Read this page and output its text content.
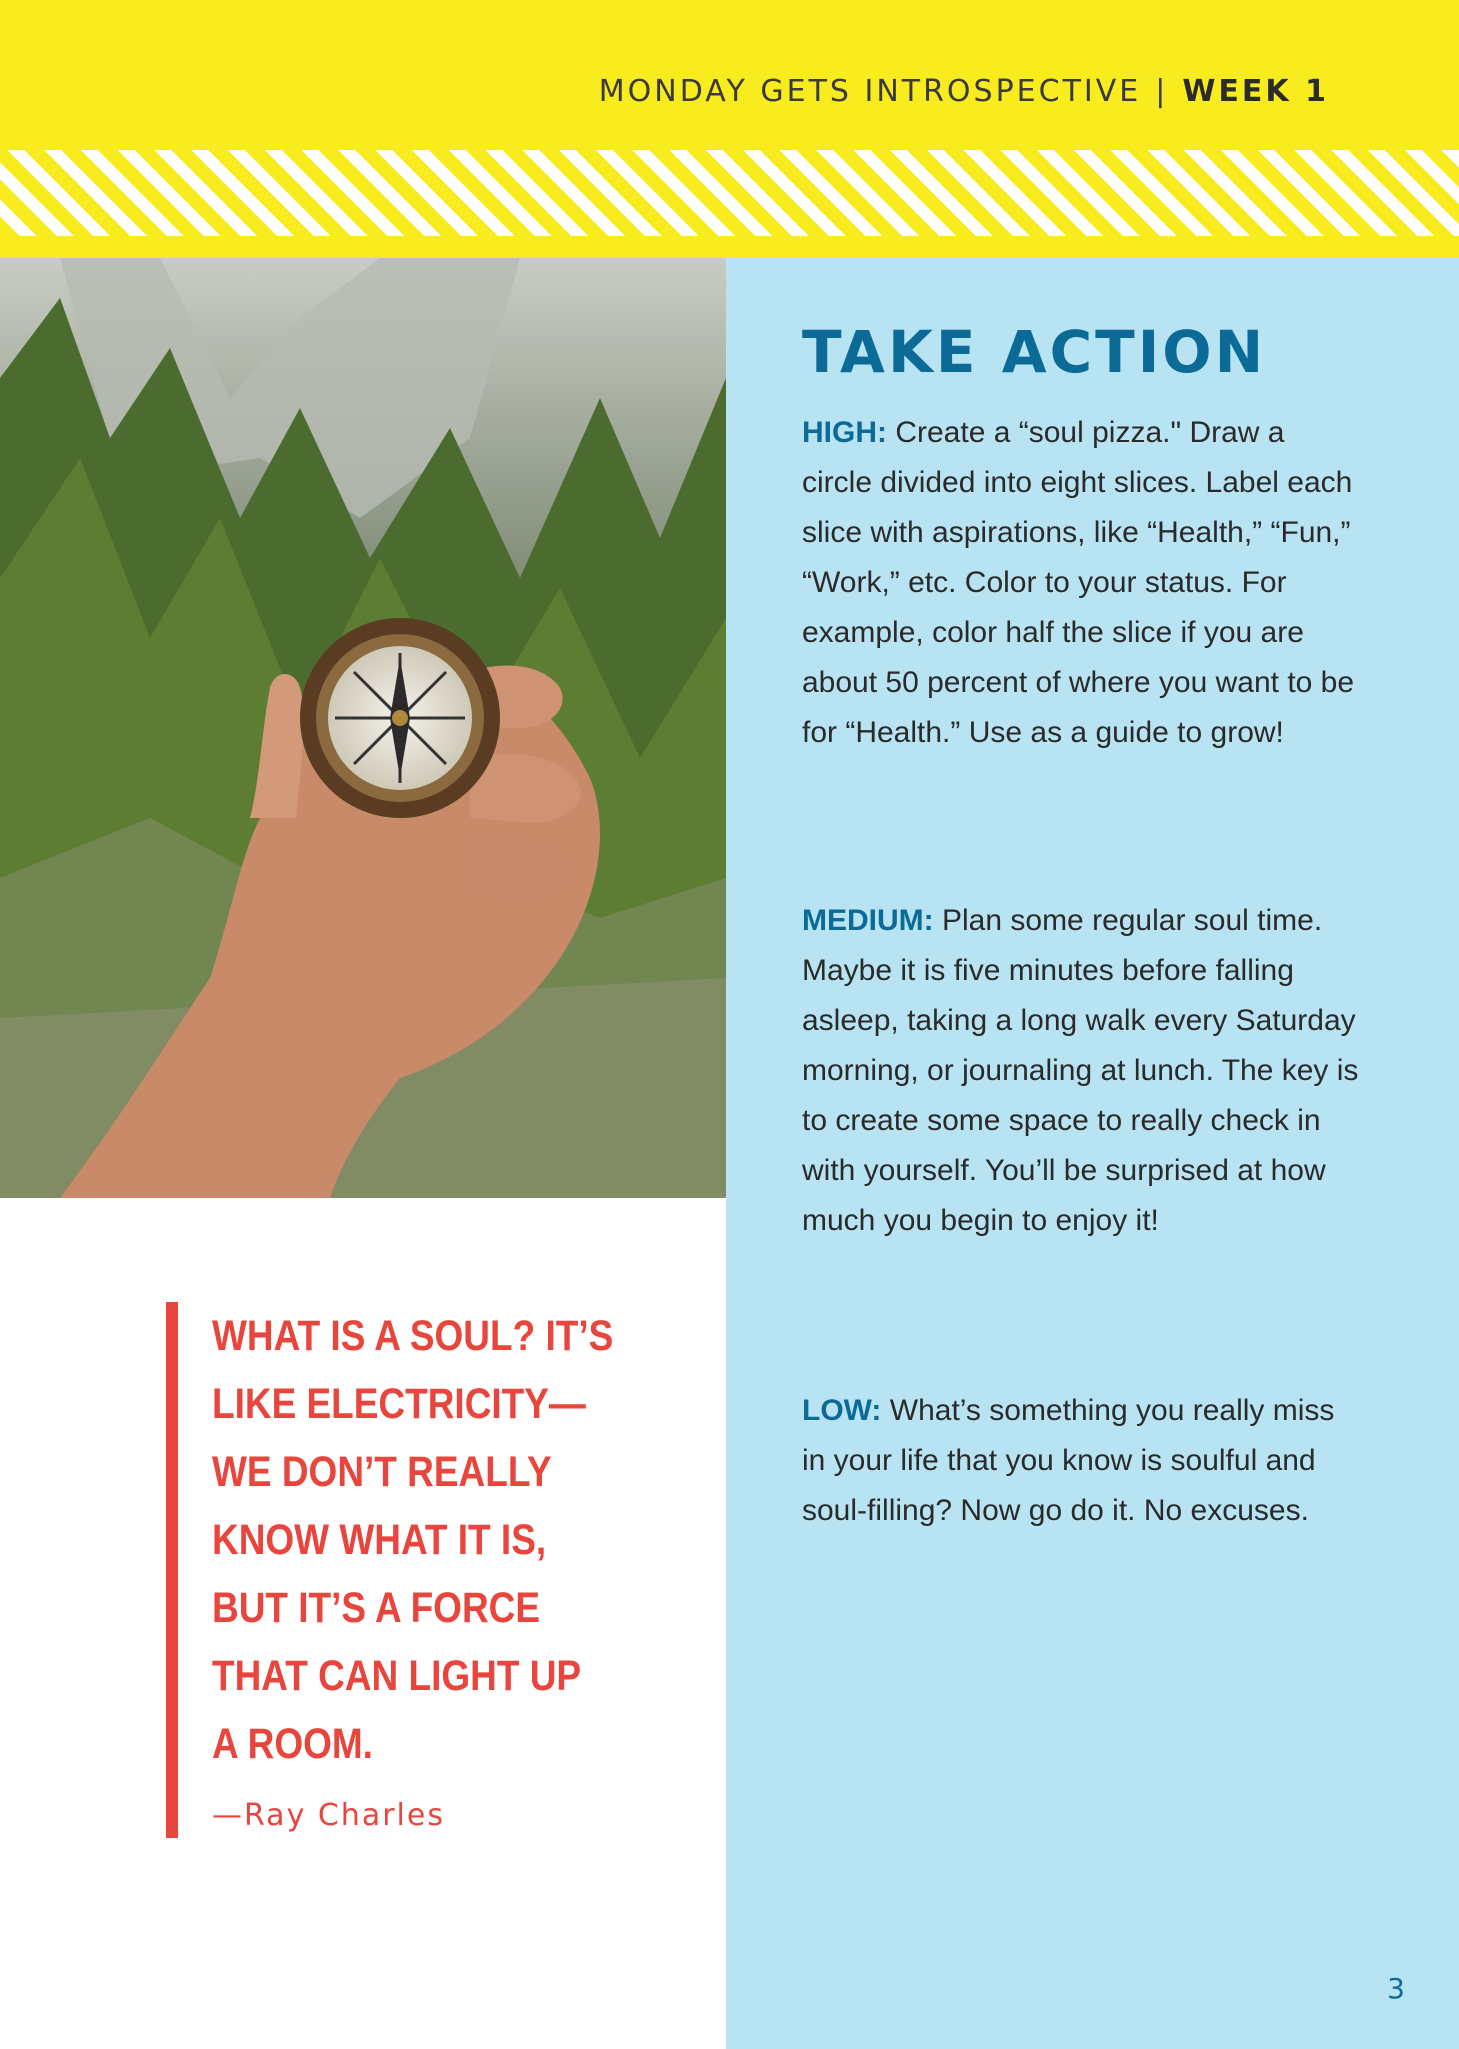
MONDAY GETS INTROSPECTIVE | WEEK 1
WHAT IS A SOUL? IT’S
LIKE ELECTRICITY—
WE DON’T REALLY
KNOW WHAT IT IS,
BUT IT’S A FORCE
THAT CAN LIGHT UP
A ROOM.
—Ray Charles
TAKE ACTION
HIGH: Create a “soul pizza." Draw a circle divided into eight slices. Label each slice with aspirations, like “Health,” “Fun,” “Work,” etc. Color to your status. For example, color half the slice if you are about 50 percent of where you want to be for “Health.” Use as a guide to grow!
MEDIUM: Plan some regular soul time. Maybe it is five minutes before falling asleep, taking a long walk every Saturday morning, or journaling at lunch. The key is to create some space to really check in with yourself. You’ll be surprised at how much you begin to enjoy it!
LOW: What’s something you really miss in your life that you know is soulful and soul-filling? Now go do it. No excuses.
3
